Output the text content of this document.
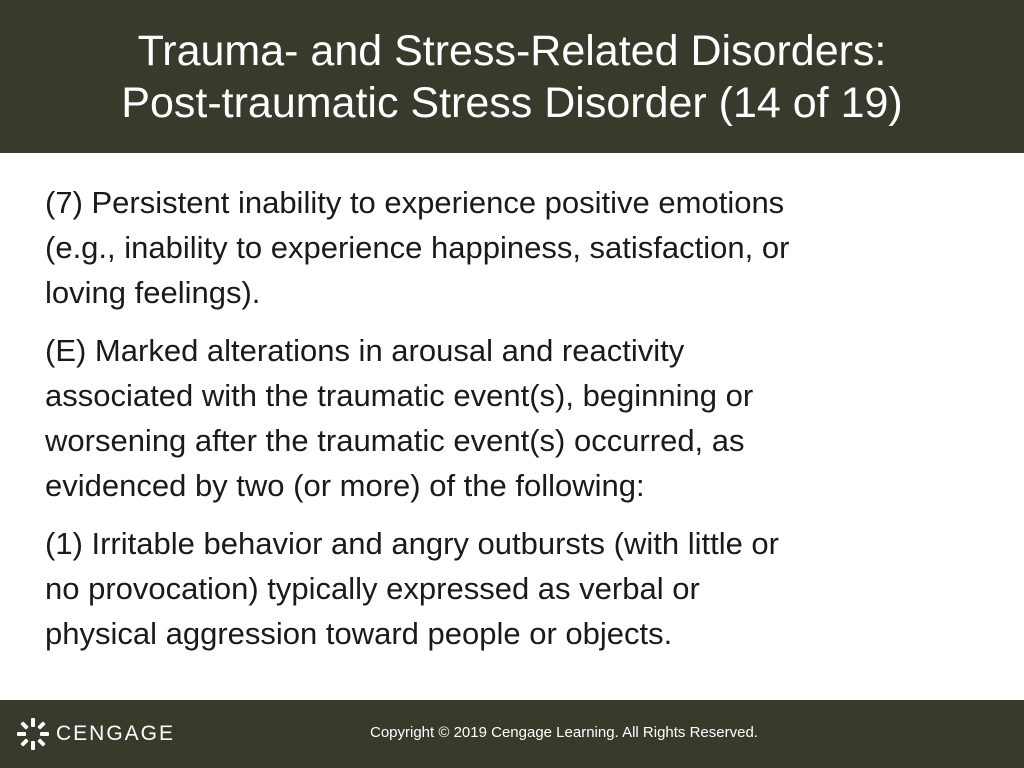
Trauma- and Stress-Related Disorders:
Post-traumatic Stress Disorder (14 of 19)
(7) Persistent inability to experience positive emotions
(e.g., inability to experience happiness, satisfaction, or
loving feelings).
(E) Marked alterations in arousal and reactivity
associated with the traumatic event(s), beginning or
worsening after the traumatic event(s) occurred, as
evidenced by two (or more) of the following:
(1) Irritable behavior and angry outbursts (with little or
no provocation) typically expressed as verbal or
physical aggression toward people or objects.
CENGAGE	Copyright © 2019 Cengage Learning. All Rights Reserved.
